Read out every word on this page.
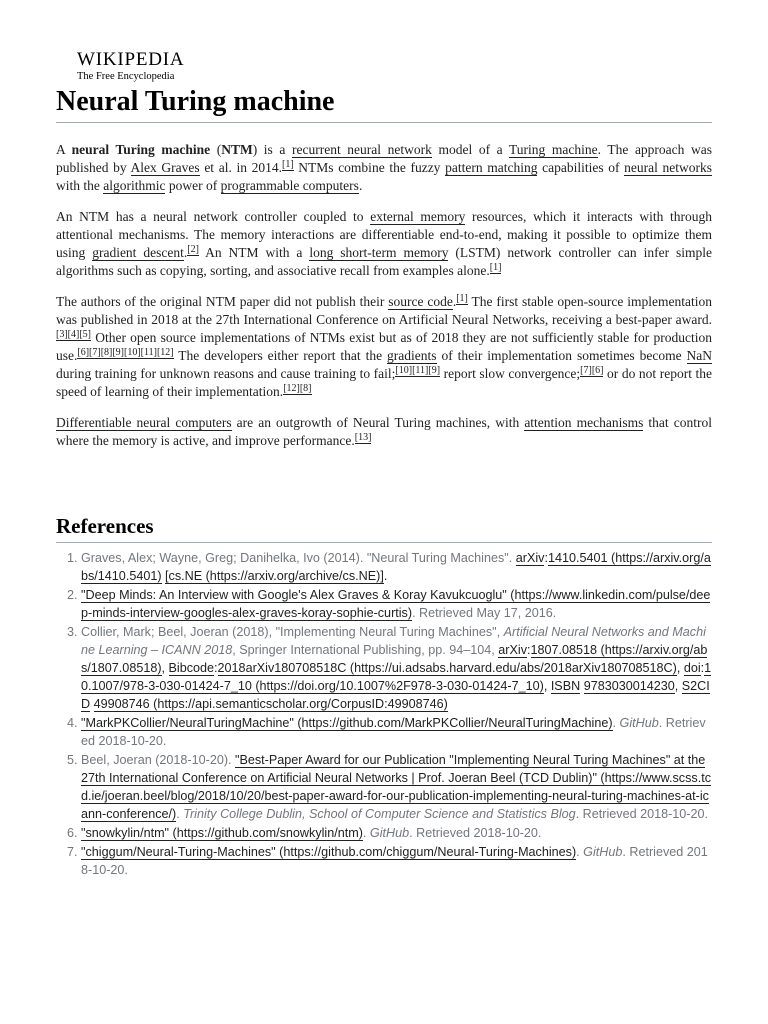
WIKIPEDIA
The Free Encyclopedia
Neural Turing machine

A neural Turing machine (NTM) is a recurrent neural network model of a Turing machine. The approach was published by Alex Graves et al. in 2014.[1] NTMs combine the fuzzy pattern matching capabilities of neural networks with the algorithmic power of programmable computers.

An NTM has a neural network controller coupled to external memory resources, which it interacts with through attentional mechanisms. The memory interactions are differentiable end-to-end, making it possible to optimize them using gradient descent.[2] An NTM with a long short-term memory (LSTM) network controller can infer simple algorithms such as copying, sorting, and associative recall from examples alone.[1]

The authors of the original NTM paper did not publish their source code.[1] The first stable open-source implementation was published in 2018 at the 27th International Conference on Artificial Neural Networks, receiving a best-paper award.[3][4][5] Other open source implementations of NTMs exist but as of 2018 they are not sufficiently stable for production use.[6][7][8][9][10][11][12] The developers either report that the gradients of their implementation sometimes become NaN during training for unknown reasons and cause training to fail;[10][11][9] report slow convergence;[7][6] or do not report the speed of learning of their implementation.[12][8]

Differentiable neural computers are an outgrowth of Neural Turing machines, with attention mechanisms that control where the memory is active, and improve performance.[13]

References
1. Graves, Alex; Wayne, Greg; Danihelka, Ivo (2014). "Neural Turing Machines". arXiv:1410.5401 (https://arxiv.org/abs/1410.5401) [cs.NE (https://arxiv.org/archive/cs.NE)].
2. "Deep Minds: An Interview with Google's Alex Graves & Koray Kavukcuoglu" (https://www.linkedin.com/pulse/deep-minds-interview-googles-alex-graves-koray-sophie-curtis). Retrieved May 17, 2016.
3. Collier, Mark; Beel, Joeran (2018), "Implementing Neural Turing Machines", Artificial Neural Networks and Machine Learning – ICANN 2018, Springer International Publishing, pp. 94–104, arXiv:1807.08518 (https://arxiv.org/abs/1807.08518), Bibcode:2018arXiv180708518C (https://ui.adsabs.harvard.edu/abs/2018arXiv180708518C), doi:10.1007/978-3-030-01424-7_10 (https://doi.org/10.1007%2F978-3-030-01424-7_10), ISBN 9783030014230, S2CID 49908746 (https://api.semanticscholar.org/CorpusID:49908746)
4. "MarkPKCollier/NeuralTuringMachine" (https://github.com/MarkPKCollier/NeuralTuringMachine). GitHub. Retrieved 2018-10-20.
5. Beel, Joeran (2018-10-20). "Best-Paper Award for our Publication "Implementing Neural Turing Machines" at the 27th International Conference on Artificial Neural Networks | Prof. Joeran Beel (TCD Dublin)" (https://www.scss.tcd.ie/joeran.beel/blog/2018/10/20/best-paper-award-for-our-publication-implementing-neural-turing-machines-at-icann-conference/). Trinity College Dublin, School of Computer Science and Statistics Blog. Retrieved 2018-10-20.
6. "snowkylin/ntm" (https://github.com/snowkylin/ntm). GitHub. Retrieved 2018-10-20.
7. "chiggum/Neural-Turing-Machines" (https://github.com/chiggum/Neural-Turing-Machines). GitHub. Retrieved 2018-10-20.
